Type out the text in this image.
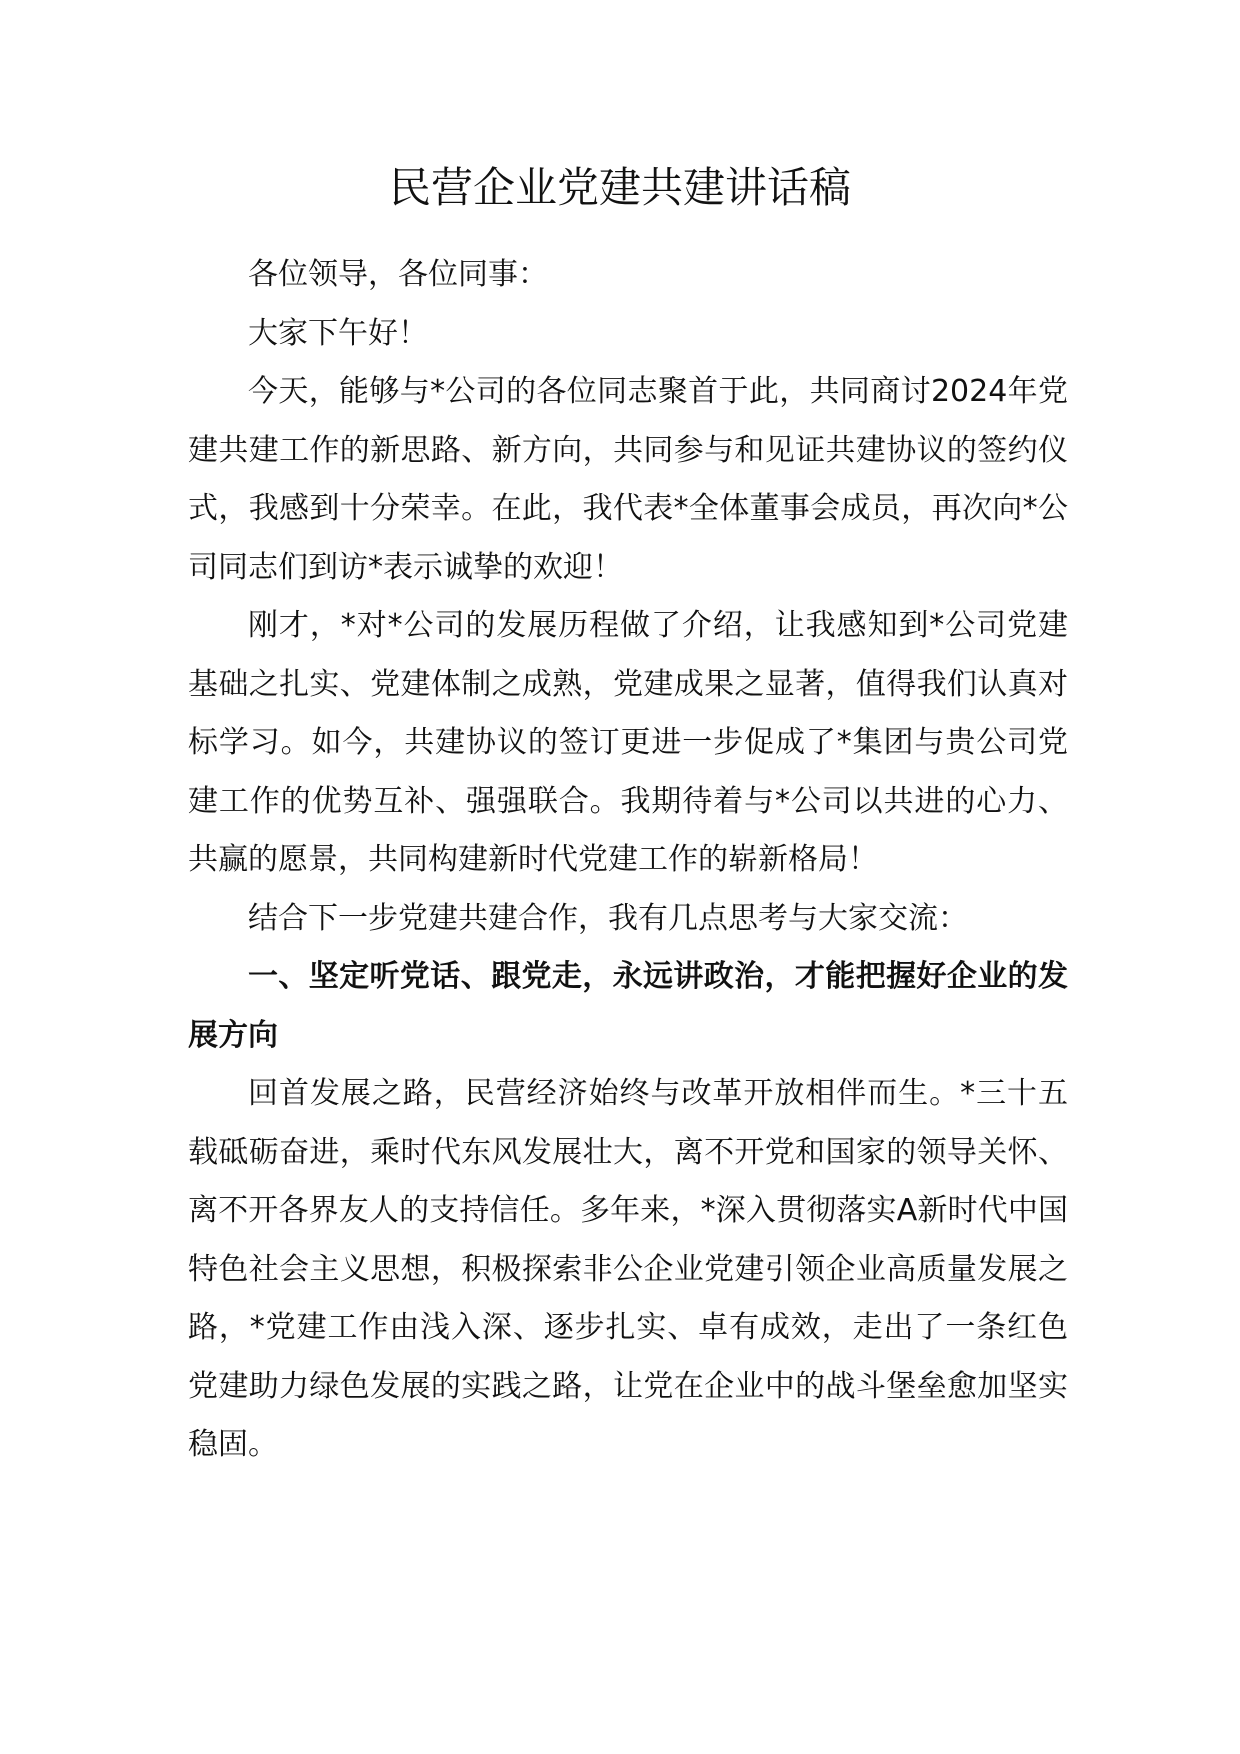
民营企业党建共建讲话稿

各位领导，各位同事：

大家下午好！

今天，能够与*公司的各位同志聚首于此，共同商讨2024年党建共建工作的新思路、新方向，共同参与和见证共建协议的签约仪式，我感到十分荣幸。在此，我代表*全体董事会成员，再次向*公司同志们到访*表示诚挚的欢迎！

刚才，*对*公司的发展历程做了介绍，让我感知到*公司党建基础之扎实、党建体制之成熟，党建成果之显著，值得我们认真对标学习。如今，共建协议的签订更进一步促成了*集团与贵公司党建工作的优势互补、强强联合。我期待着与*公司以共进的心力、共赢的愿景，共同构建新时代党建工作的崭新格局！

结合下一步党建共建合作，我有几点思考与大家交流：

一、坚定听党话、跟党走，永远讲政治，才能把握好企业的发展方向

回首发展之路，民营经济始终与改革开放相伴而生。*三十五载砥砺奋进，乘时代东风发展壮大，离不开党和国家的领导关怀、离不开各界友人的支持信任。多年来，*深入贯彻落实A新时代中国特色社会主义思想，积极探索非公企业党建引领企业高质量发展之路，*党建工作由浅入深、逐步扎实、卓有成效，走出了一条红色党建助力绿色发展的实践之路，让党在企业中的战斗堡垒愈加坚实稳固。
